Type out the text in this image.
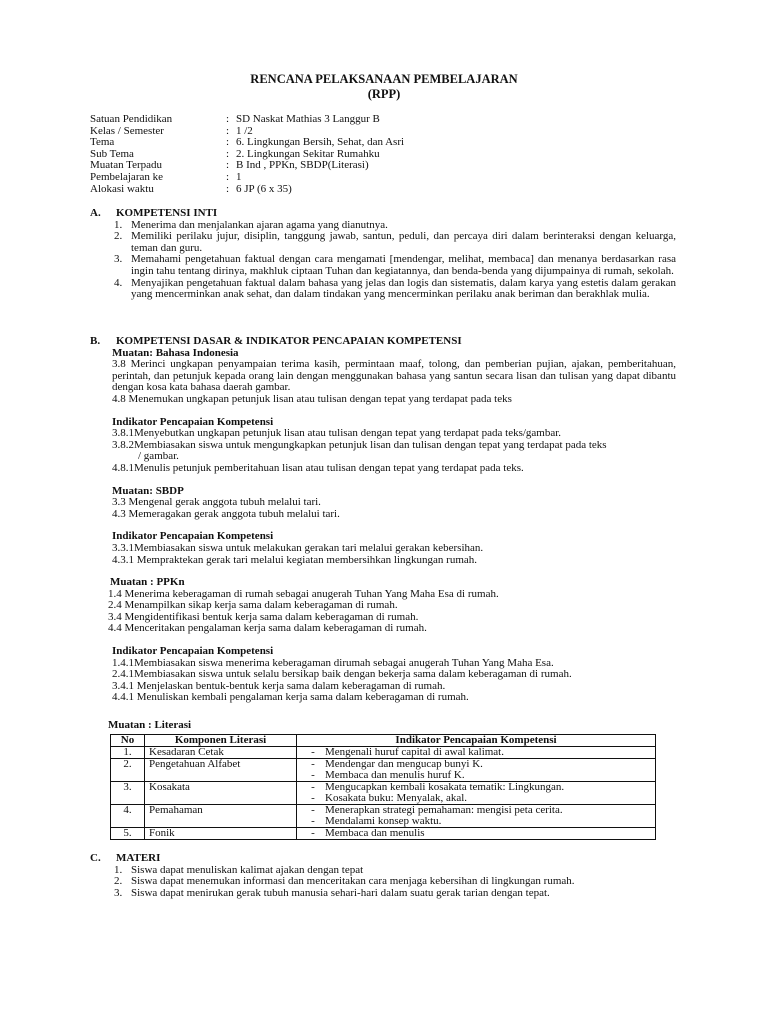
RENCANA PELAKSANAAN PEMBELAJARAN
(RPP)
Satuan Pendidikan	: SD Naskat Mathias 3 Langgur B
Kelas / Semester	: 1 /2
Tema	: 6. Lingkungan Bersih, Sehat, dan Asri
Sub Tema	: 2. Lingkungan Sekitar Rumahku
Muatan Terpadu	: B Ind , PPKn, SBDP(Literasi)
Pembelajaran ke	: 1
Alokasi waktu	: 6 JP (6 x 35)
A.	KOMPETENSI INTI
1. Menerima dan menjalankan ajaran agama yang dianutnya.
2. Memiliki perilaku jujur, disiplin, tanggung jawab, santun, peduli, dan percaya diri dalam berinteraksi dengan keluarga, teman dan guru.
3. Memahami pengetahuan faktual dengan cara mengamati [mendengar, melihat, membaca] dan menanya berdasarkan rasa ingin tahu tentang dirinya, makhluk ciptaan Tuhan dan kegiatannya, dan benda-benda yang dijumpainya di rumah, sekolah.
4. Menyajikan pengetahuan faktual dalam bahasa yang jelas dan logis dan sistematis, dalam karya yang estetis dalam gerakan yang mencerminkan anak sehat, dan dalam tindakan yang mencerminkan perilaku anak beriman dan berakhlak mulia.
B.	KOMPETENSI DASAR & INDIKATOR PENCAPAIAN KOMPETENSI
Muatan: Bahasa Indonesia
3.8 Merinci ungkapan penyampaian terima kasih, permintaan maaf, tolong, dan pemberian pujian, ajakan, pemberitahuan, perintah, dan petunjuk kepada orang lain dengan menggunakan bahasa yang santun secara lisan dan tulisan yang dapat dibantu dengan kosa kata bahasa daerah gambar.
4.8 Menemukan ungkapan petunjuk lisan atau tulisan dengan tepat yang terdapat pada teks
Indikator Pencapaian Kompetensi
3.8.1Menyebutkan ungkapan petunjuk lisan atau tulisan dengan tepat yang terdapat pada teks/gambar.
3.8.2Membiasakan siswa untuk mengungkapkan petunjuk lisan dan tulisan dengan tepat yang terdapat pada teks
/ gambar.
4.8.1Menulis petunjuk pemberitahuan lisan atau tulisan dengan tepat yang terdapat pada teks.
Muatan: SBDP
3.3 Mengenal gerak anggota tubuh melalui tari.
4.3 Memeragakan gerak anggota tubuh melalui tari.
Indikator Pencapaian Kompetensi
3.3.1Membiasakan siswa untuk melakukan gerakan tari melalui gerakan kebersihan.
4.3.1 Mempraktekan gerak tari melalui kegiatan membersihkan lingkungan rumah.
Muatan : PPKn
1.4 Menerima keberagaman di rumah sebagai anugerah Tuhan Yang Maha Esa di rumah.
2.4 Menampilkan sikap kerja sama dalam keberagaman di rumah.
3.4 Mengidentifikasi bentuk kerja sama dalam keberagaman di rumah.
4.4 Menceritakan pengalaman kerja sama dalam keberagaman di rumah.
Indikator Pencapaian Kompetensi
1.4.1Membiasakan siswa menerima keberagaman dirumah sebagai anugerah Tuhan Yang Maha Esa.
2.4.1Membiasakan siswa untuk selalu bersikap baik dengan bekerja sama dalam keberagaman di rumah.
3.4.1 Menjelaskan bentuk-bentuk kerja sama dalam keberagaman di rumah.
4.4.1 Menuliskan kembali pengalaman kerja sama dalam keberagaman di rumah.
Muatan : Literasi
No	Komponen Literasi	Indikator Pencapaian Kompetensi
1.	Kesadaran Cetak	- Mengenali huruf capital di awal kalimat.

2.	Pengetahuan Alfabet	- Mendengar dan mengucap bunyi K.
- Membaca dan menulis huruf K.

3.	Kosakata	- Mengucapkan kembali kosakata tematik: Lingkungan.
- Kosakata buku: Menyalak, akal.

4.	Pemahaman	- Menerapkan strategi pemahaman: mengisi peta cerita.
- Mendalami konsep waktu.

5.	Fonik	- Membaca dan menulis
C.	MATERI
1. Siswa dapat menuliskan kalimat ajakan dengan tepat
2. Siswa dapat menemukan informasi dan menceritakan cara menjaga kebersihan di lingkungan rumah.
3. Siswa dapat menirukan gerak tubuh manusia sehari-hari dalam suatu gerak tarian dengan tepat.
